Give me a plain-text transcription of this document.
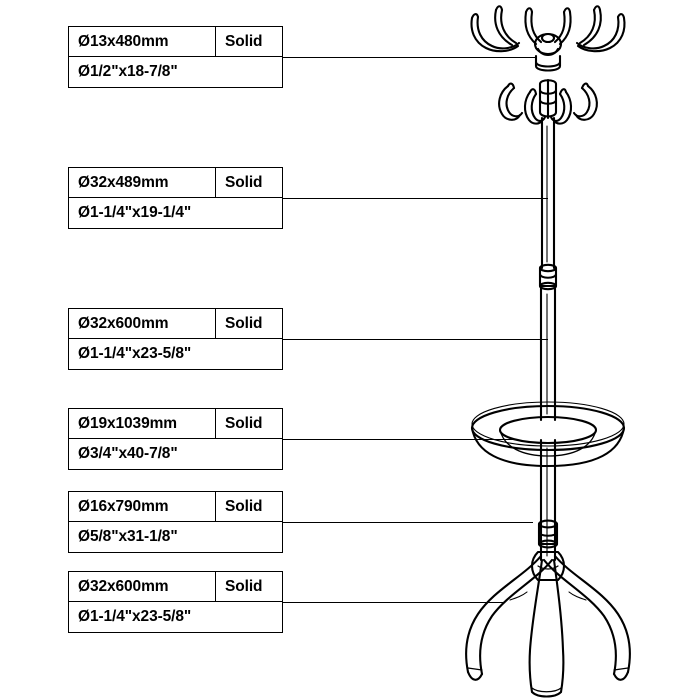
Ø13x480mm	Solid
Ø1/2"x18-7/8"
Ø32x489mm	Solid
Ø1-1/4"x19-1/4"
Ø32x600mm	Solid
Ø1-1/4"x23-5/8"
Ø19x1039mm	Solid
Ø3/4"x40-7/8"
Ø16x790mm	Solid
Ø5/8"x31-1/8"
Ø32x600mm	Solid
Ø1-1/4"x23-5/8"
